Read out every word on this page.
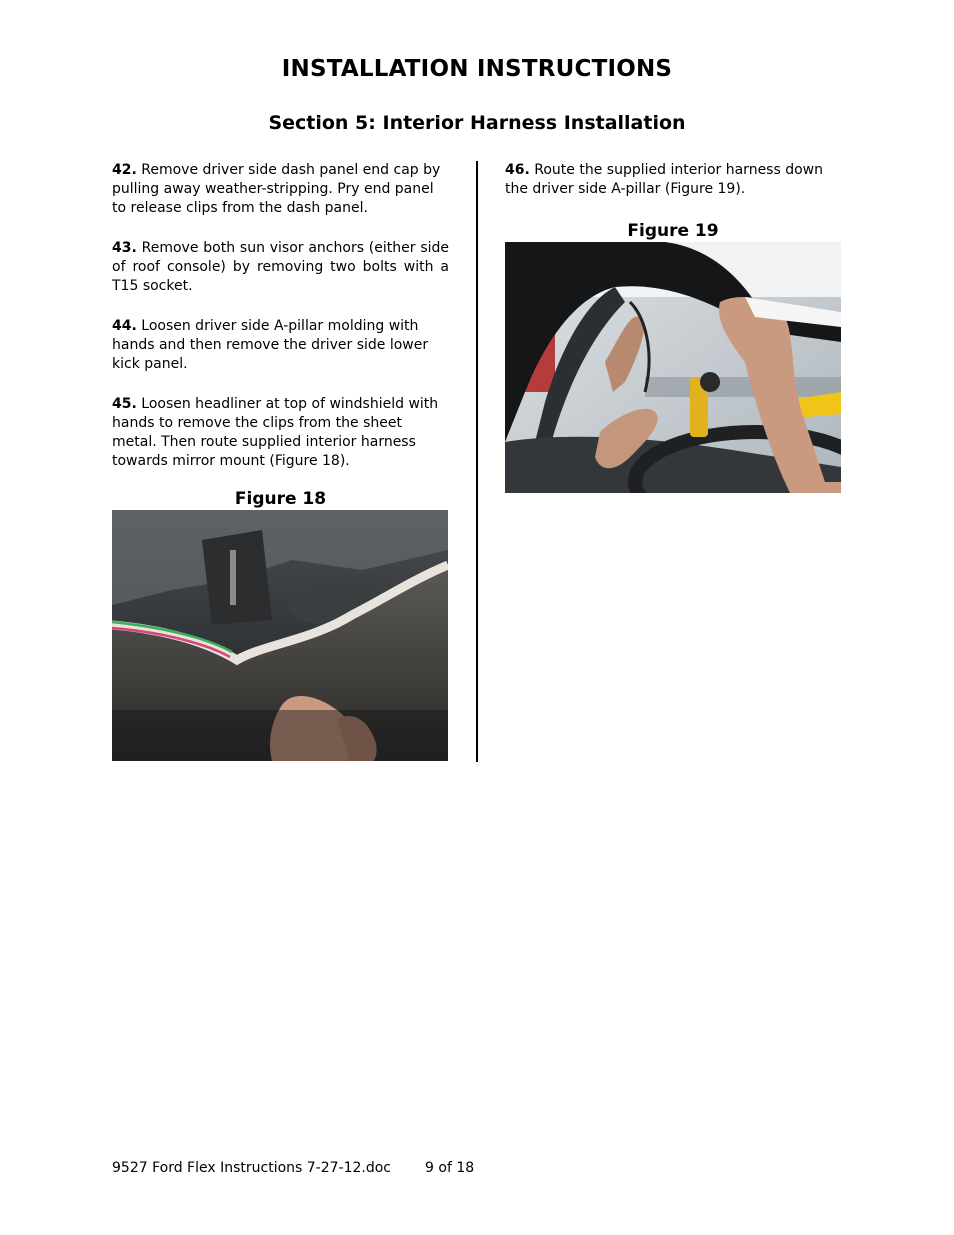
INSTALLATION INSTRUCTIONS
Section 5: Interior Harness Installation

42. Remove driver side dash panel end cap by pulling away weather-stripping. Pry end panel to release clips from the dash panel.

43. Remove both sun visor anchors (either side of roof console) by removing two bolts with a T15 socket.

44. Loosen driver side A-pillar molding with hands and then remove the driver side lower kick panel.

45. Loosen headliner at top of windshield with hands to remove the clips from the sheet metal. Then route supplied interior harness towards mirror mount (Figure 18).

Figure 18

46. Route the supplied interior harness down the driver side A-pillar (Figure 19).

Figure 19

9527 Ford Flex Instructions 7-27-12.doc 9 of 18
